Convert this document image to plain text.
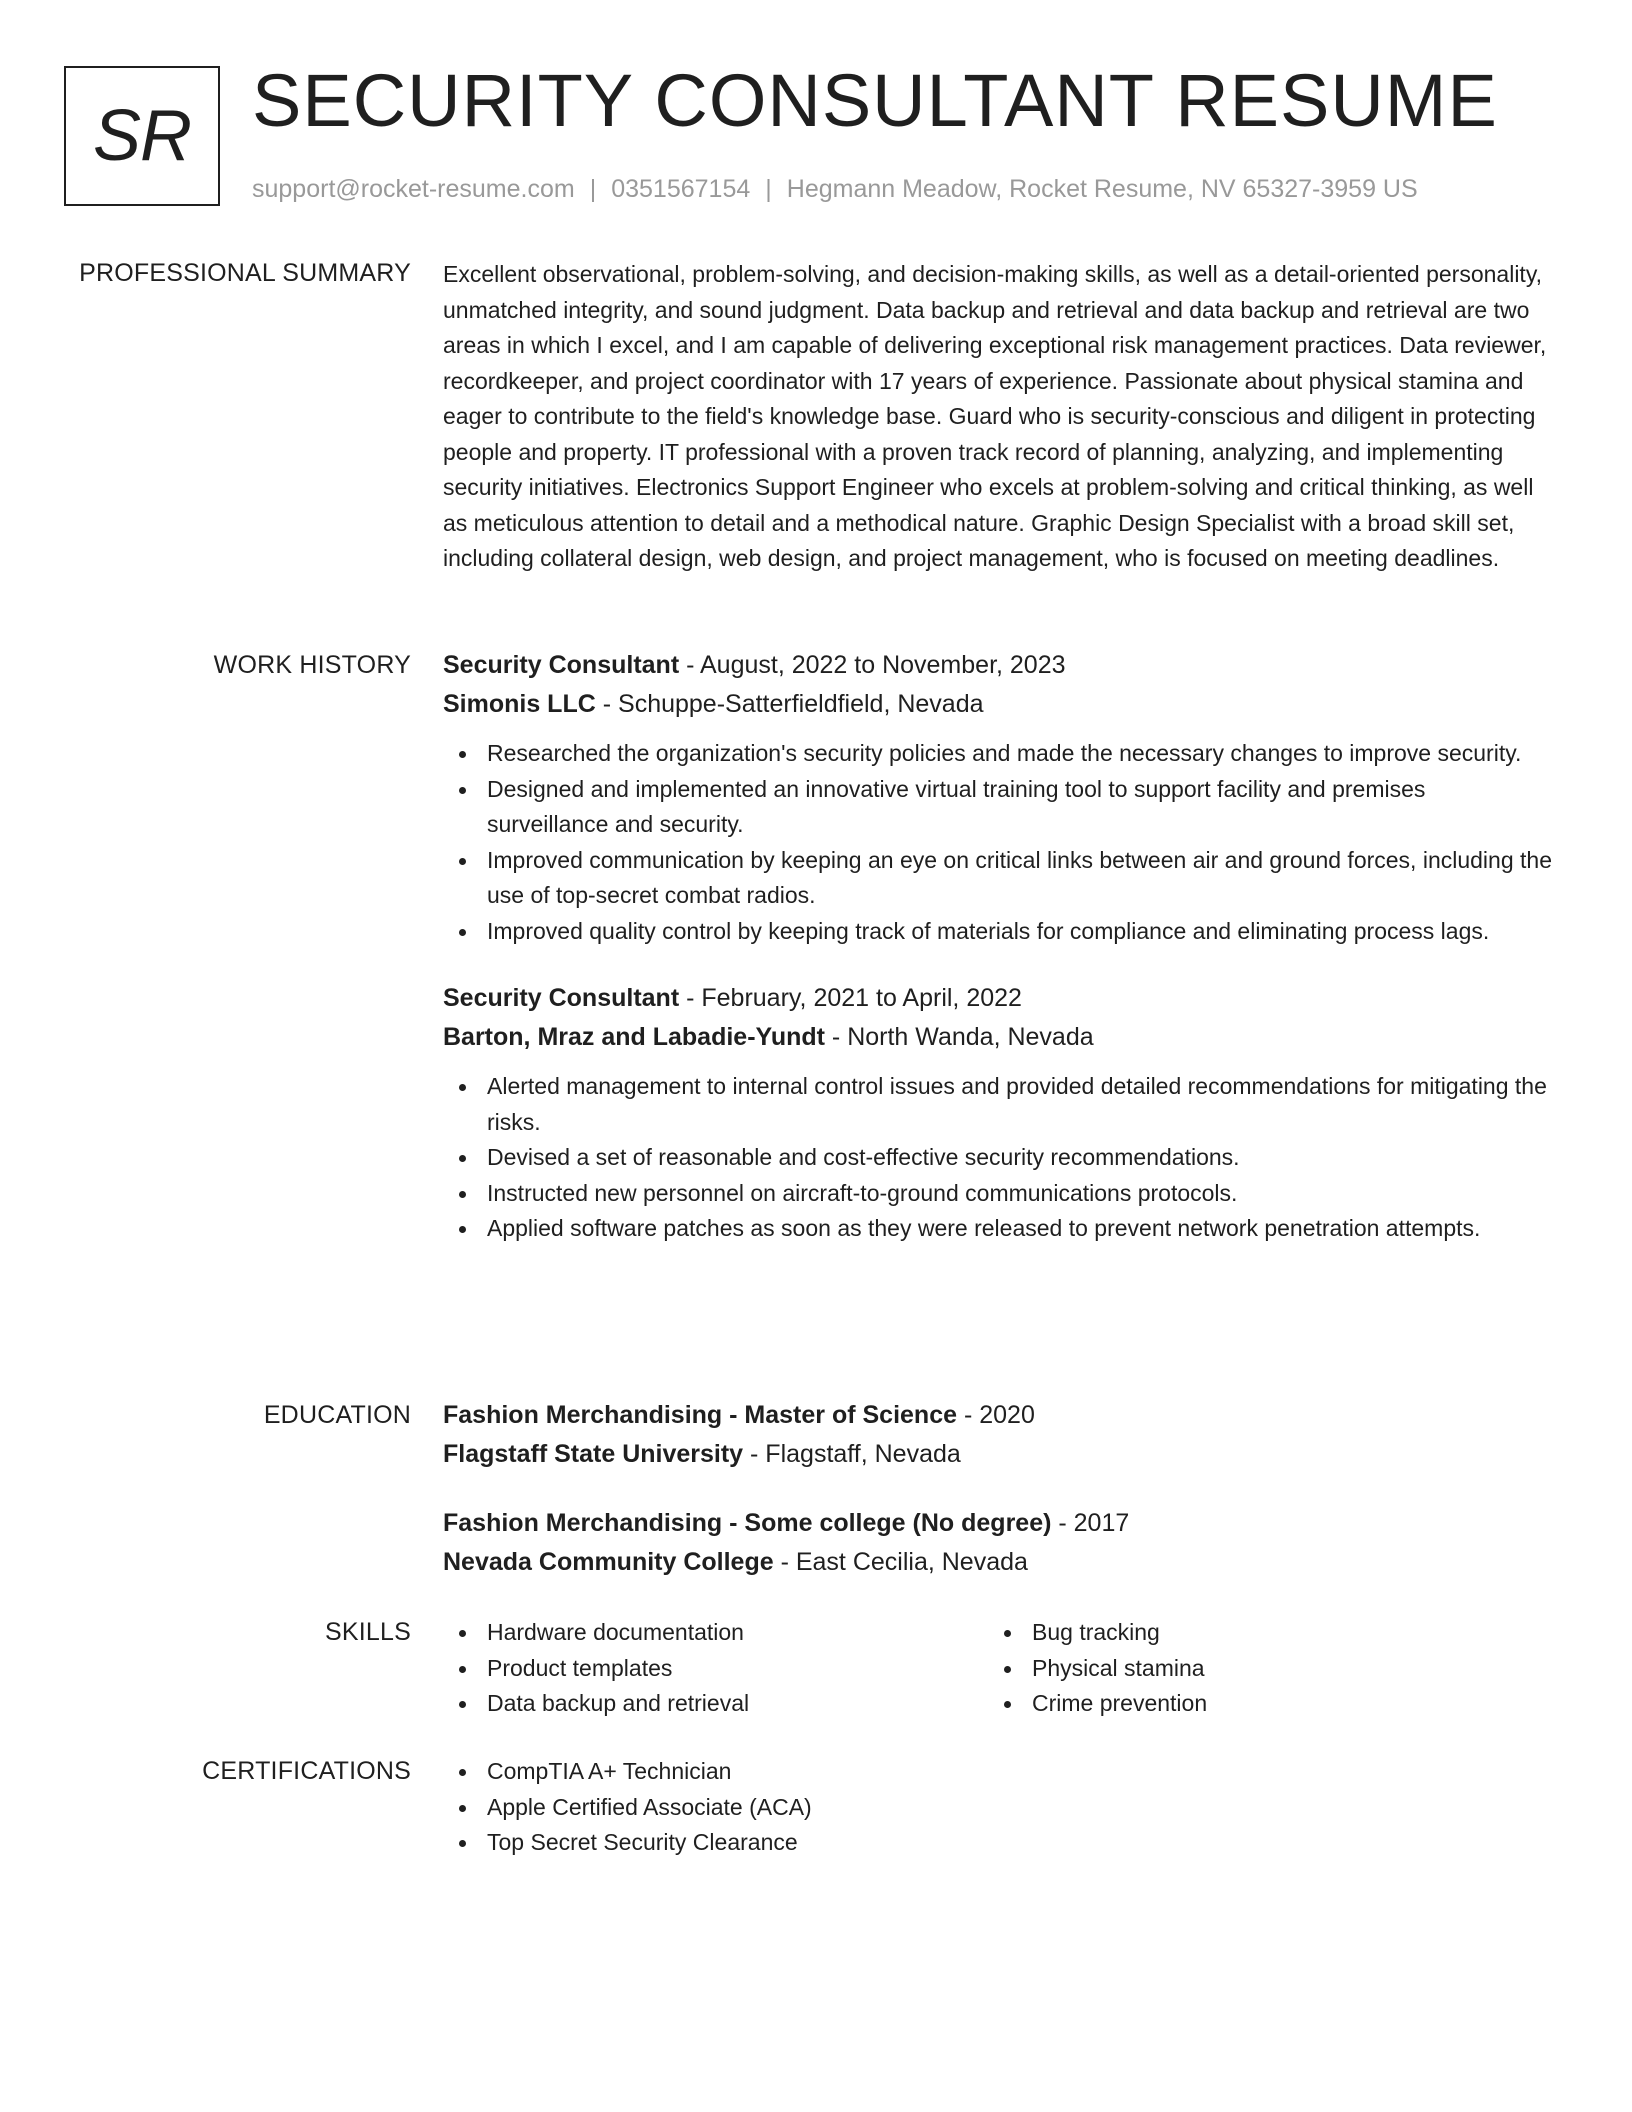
SR SECURITY CONSULTANT RESUME
support@rocket-resume.com | 0351567154 | Hegmann Meadow, Rocket Resume, NV 65327-3959 US
PROFESSIONAL SUMMARY Excellent observational, problem-solving, and decision-making skills, as well as a detail-oriented personality, unmatched integrity, and sound judgment. Data backup and retrieval and data backup and retrieval are two areas in which I excel, and I am capable of delivering exceptional risk management practices. Data reviewer, recordkeeper, and project coordinator with 17 years of experience. Passionate about physical stamina and eager to contribute to the field's knowledge base. Guard who is security-conscious and diligent in protecting people and property. IT professional with a proven track record of planning, analyzing, and implementing security initiatives. Electronics Support Engineer who excels at problem-solving and critical thinking, as well as meticulous attention to detail and a methodical nature. Graphic Design Specialist with a broad skill set, including collateral design, web design, and project management, who is focused on meeting deadlines.

WORK HISTORY Security Consultant - August, 2022 to November, 2023

Simonis LLC - Schuppe-Satterfieldfield, Nevada

Researched the organization's security policies and made the necessary changes to improve security.
Designed and implemented an innovative virtual training tool to support facility and premises surveillance and security.
Improved communication by keeping an eye on critical links between air and ground forces, including the use of top-secret combat radios.
Improved quality control by keeping track of materials for compliance and eliminating process lags.

Security Consultant - February, 2021 to April, 2022

Barton, Mraz and Labadie-Yundt - North Wanda, Nevada

Alerted management to internal control issues and provided detailed recommendations for mitigating the risks.
Devised a set of reasonable and cost-effective security recommendations.
Instructed new personnel on aircraft-to-ground communications protocols.
Applied software patches as soon as they were released to prevent network penetration attempts.
EDUCATION Fashion Merchandising - Master of Science - 2020

Flagstaff State University - Flagstaff, Nevada

Fashion Merchandising - Some college (No degree) - 2017

Nevada Community College - East Cecilia, Nevada

SKILLS	Hardware documentation
Product templates
Data backup and retrieval
Bug tracking
Physical stamina
Crime prevention
CERTIFICATIONS	CompTIA A+ Technician
Apple Certified Associate (ACA)
Top Secret Security Clearance
